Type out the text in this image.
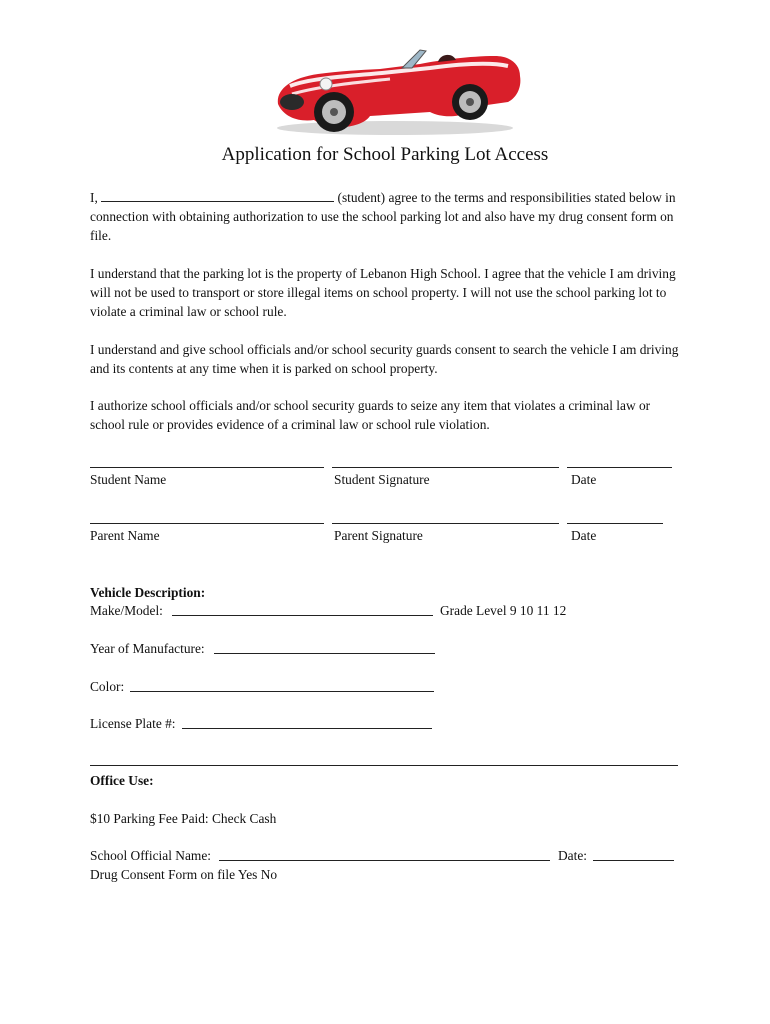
Application for School Parking Lot Access

I,	(student) agree to the terms and responsibilities stated below in connection with obtaining authorization to use the school parking lot and also have my drug consent form on file.

I understand that the parking lot is the property of Lebanon High School. I agree that the vehicle I am driving will not be used to transport or store illegal items on school property. I will not use the school parking lot to violate a criminal law or school rule.

I understand and give school officials and/or school security guards consent to search the vehicle I am driving and its contents at any time when it is parked on school property.

I authorize school officials and/or school security guards to seize any item that violates a criminal law or school rule or provides evidence of a criminal law or school rule violation.

Student Name	Student Signature	Date
Parent Name	Parent Signature	Date
Vehicle Description:
Make/Model:	Grade Level 9 10 11 12
Year of Manufacture:
Color:
License Plate #:
Office Use:
$10 Parking Fee Paid: Check Cash
School Official Name:	Date:
Drug Consent Form on file Yes No
